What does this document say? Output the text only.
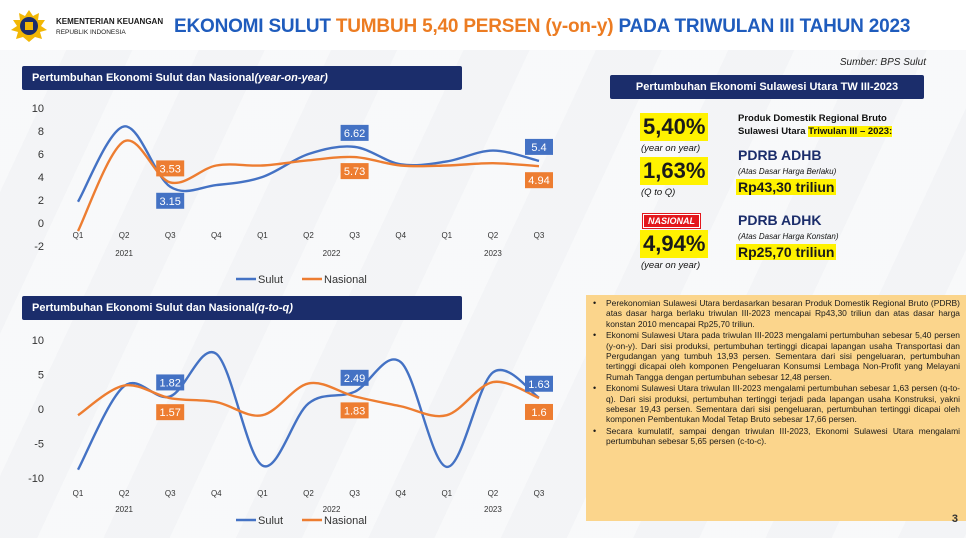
KEMENTERIAN KEUANGAN
REPUBLIK INDONESIA	EKONOMI SULUT TUMBUH 5,40 PERSEN (y-on-y) PADA TRIWULAN III TAHUN 2023
Sumber: BPS Sulut
Pertumbuhan Ekonomi Sulut dan Nasional (year-on-year)
-2
0
2
4
6
8
10
Q1	Q2	Q3	Q4	Q1	Q2	Q3	Q4	Q1	Q2	Q3
2021	2022	2023
3.15
3.53
6.62
5.73
5.4
4.94
Sulut	Nasional
Pertumbuhan Ekonomi Sulut dan Nasional (q-to-q)
-10
-5
0
5
10
Q1	Q2	Q3	Q4	Q1	Q2	Q3	Q4	Q1	Q2	Q3
2021	2022	2023
1.82
1.57
2.49
1.83
1.63
1.6
Sulut	Nasional
Pertumbuhan Ekonomi Sulawesi Utara TW III-2023
5,40%
(year on year)
1,63%
(Q to Q)
NASIONAL
4,94%
(year on year)
Produk Domestik Regional Bruto
Sulawesi Utara Triwulan III – 2023:
PDRB ADHB
(Atas Dasar Harga Berlaku)
Rp43,30 triliun
PDRB ADHK
(Atas Dasar Harga Konstan)
Rp25,70 triliun
• Perekonomian Sulawesi Utara berdasarkan besaran Produk Domestik Regional Bruto (PDRB) atas dasar harga berlaku triwulan III-2023 mencapai Rp43,30 triliun dan atas dasar harga konstan 2010 mencapai Rp25,70 triliun.
• Ekonomi Sulawesi Utara pada triwulan III-2023 mengalami pertumbuhan sebesar 5,40 persen (y-on-y). Dari sisi produksi, pertumbuhan tertinggi dicapai lapangan usaha Transportasi dan Pergudangan yang tumbuh 13,93 persen. Sementara dari sisi pengeluaran, pertumbuhan tertinggi dicapai oleh komponen Pengeluaran Konsumsi Lembaga Non-Profit yang Melayani Rumah Tangga dengan pertumbuhan sebesar 12,48 persen.
• Ekonomi Sulawesi Utara triwulan III-2023 mengalami pertumbuhan sebesar 1,63 persen (q-to-q). Dari sisi produksi, pertumbuhan tertinggi terjadi pada lapangan usaha Konstruksi, yakni sebesar 19,43 persen. Sementara dari sisi pengeluaran, pertumbuhan tertinggi dicapai oleh komponen Pembentukan Modal Tetap Bruto sebesar 17,66 persen.
• Secara kumulatif, sampai dengan triwulan III-2023, Ekonomi Sulawesi Utara mengalami pertumbuhan sebesar 5,65 persen (c-to-c).
3
